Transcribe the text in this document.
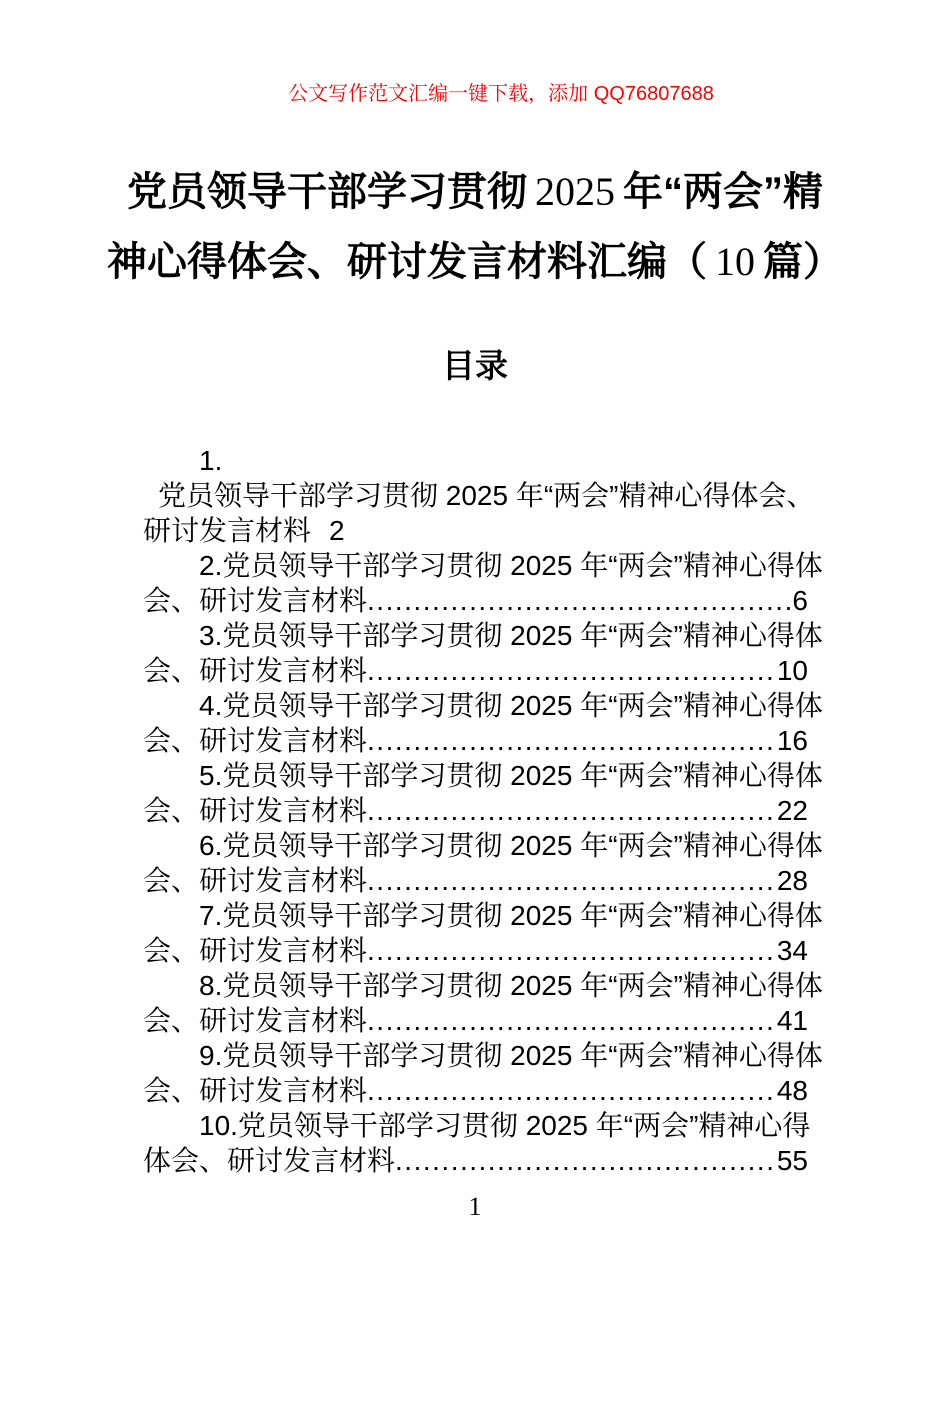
公文写作范文汇编一键下载，添加 QQ76807688
党员领导干部学习贯彻 2025 年“两会”精
神心得体会、研讨发言材料汇编（ 10 篇）
目录
1.
党员领导干部学习贯彻 2025 年“两会”精神心得体会、
研讨发言材料 2
2.党员领导干部学习贯彻 2025 年“两会”精神心得体
会、研讨发言材料 .....	6
3.党员领导干部学习贯彻 2025 年“两会”精神心得体
会、研讨发言材料 .....	10
4.党员领导干部学习贯彻 2025 年“两会”精神心得体
会、研讨发言材料 .....	16
5.党员领导干部学习贯彻 2025 年“两会”精神心得体
会、研讨发言材料 .....	22
6.党员领导干部学习贯彻 2025 年“两会”精神心得体
会、研讨发言材料 .....	28
7.党员领导干部学习贯彻 2025 年“两会”精神心得体
会、研讨发言材料 .....	34
8.党员领导干部学习贯彻 2025 年“两会”精神心得体
会、研讨发言材料 .....	41
9.党员领导干部学习贯彻 2025 年“两会”精神心得体
会、研讨发言材料 .....	48
10.党员领导干部学习贯彻 2025 年“两会”精神心得
体会、研讨发言材料 .....	55
1
